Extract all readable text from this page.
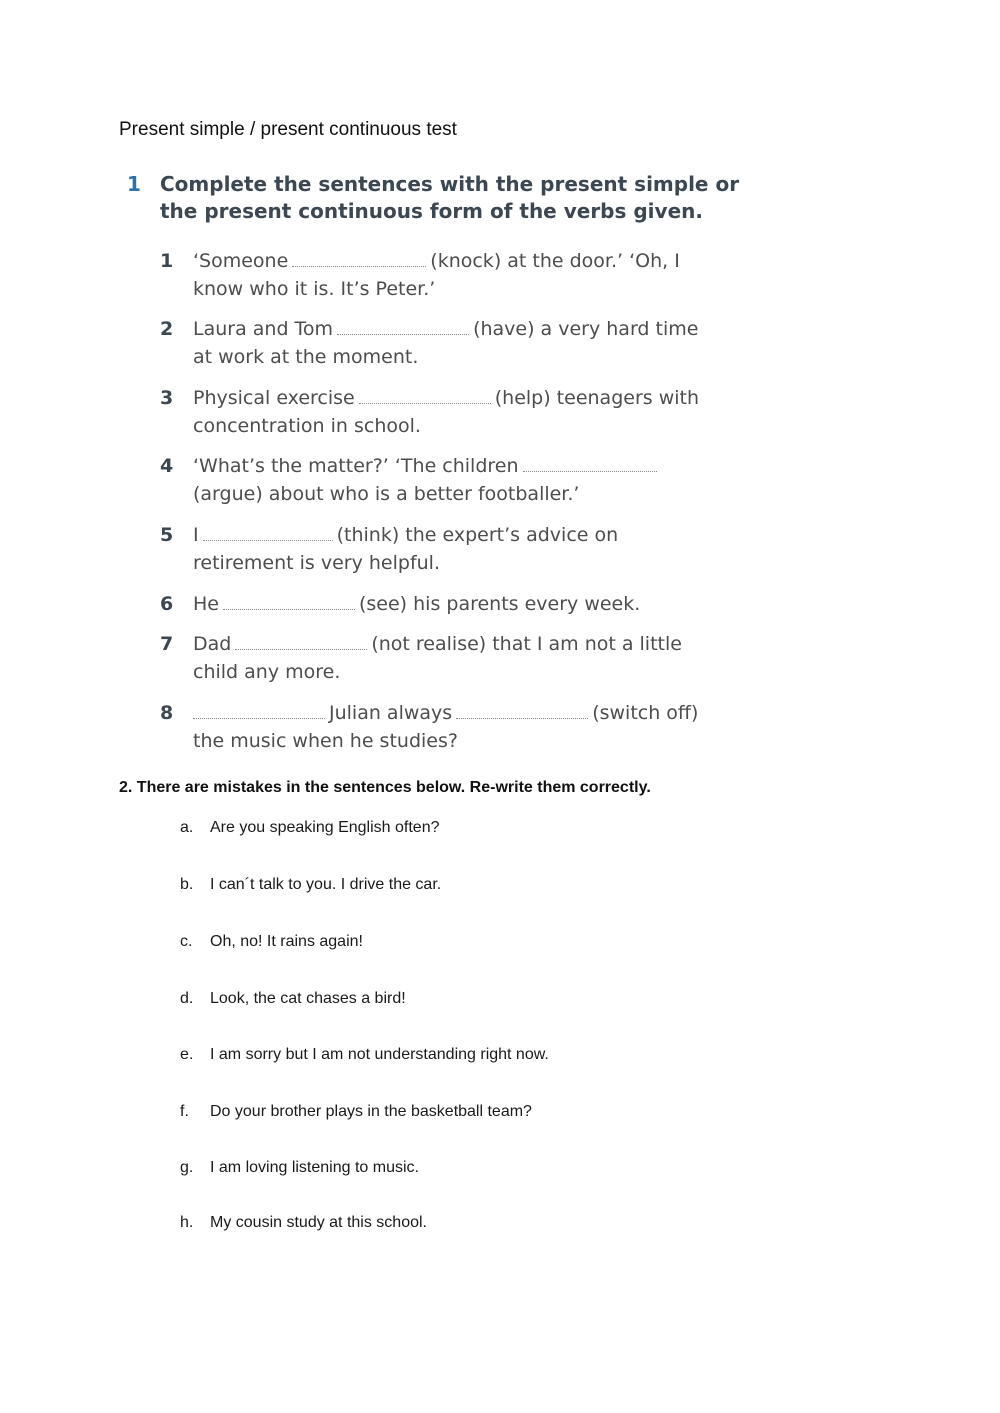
Present simple / present continuous test
1 Complete the sentences with the present simple or the present continuous form of the verbs given.
1 ‘Someone	(knock) at the door.’ ‘Oh, I know who it is. It’s Peter.’
2 Laura and Tom	(have) a very hard time at work at the moment.
3 Physical exercise	(help) teenagers with concentration in school.
4 ‘What’s the matter?’ ‘The children(argue) about who is a better footballer.’
5 I	(think) the expert’s advice on retirement is very helpful.
6 He	(see) his parents every week.
7 Dad	(not realise) that I am not a little child any more.
8	Julian always	(switch off) the music when he studies?
2. There are mistakes in the sentences below. Re-write them correctly.
a. Are you speaking English often?
b. I can´t talk to you. I drive the car.
c. Oh, no! It rains again!
d. Look, the cat chases a bird!
e. I am sorry but I am not understanding right now.
f. Do your brother plays in the basketball team?
g. I am loving listening to music.
h. My cousin study at this school.
